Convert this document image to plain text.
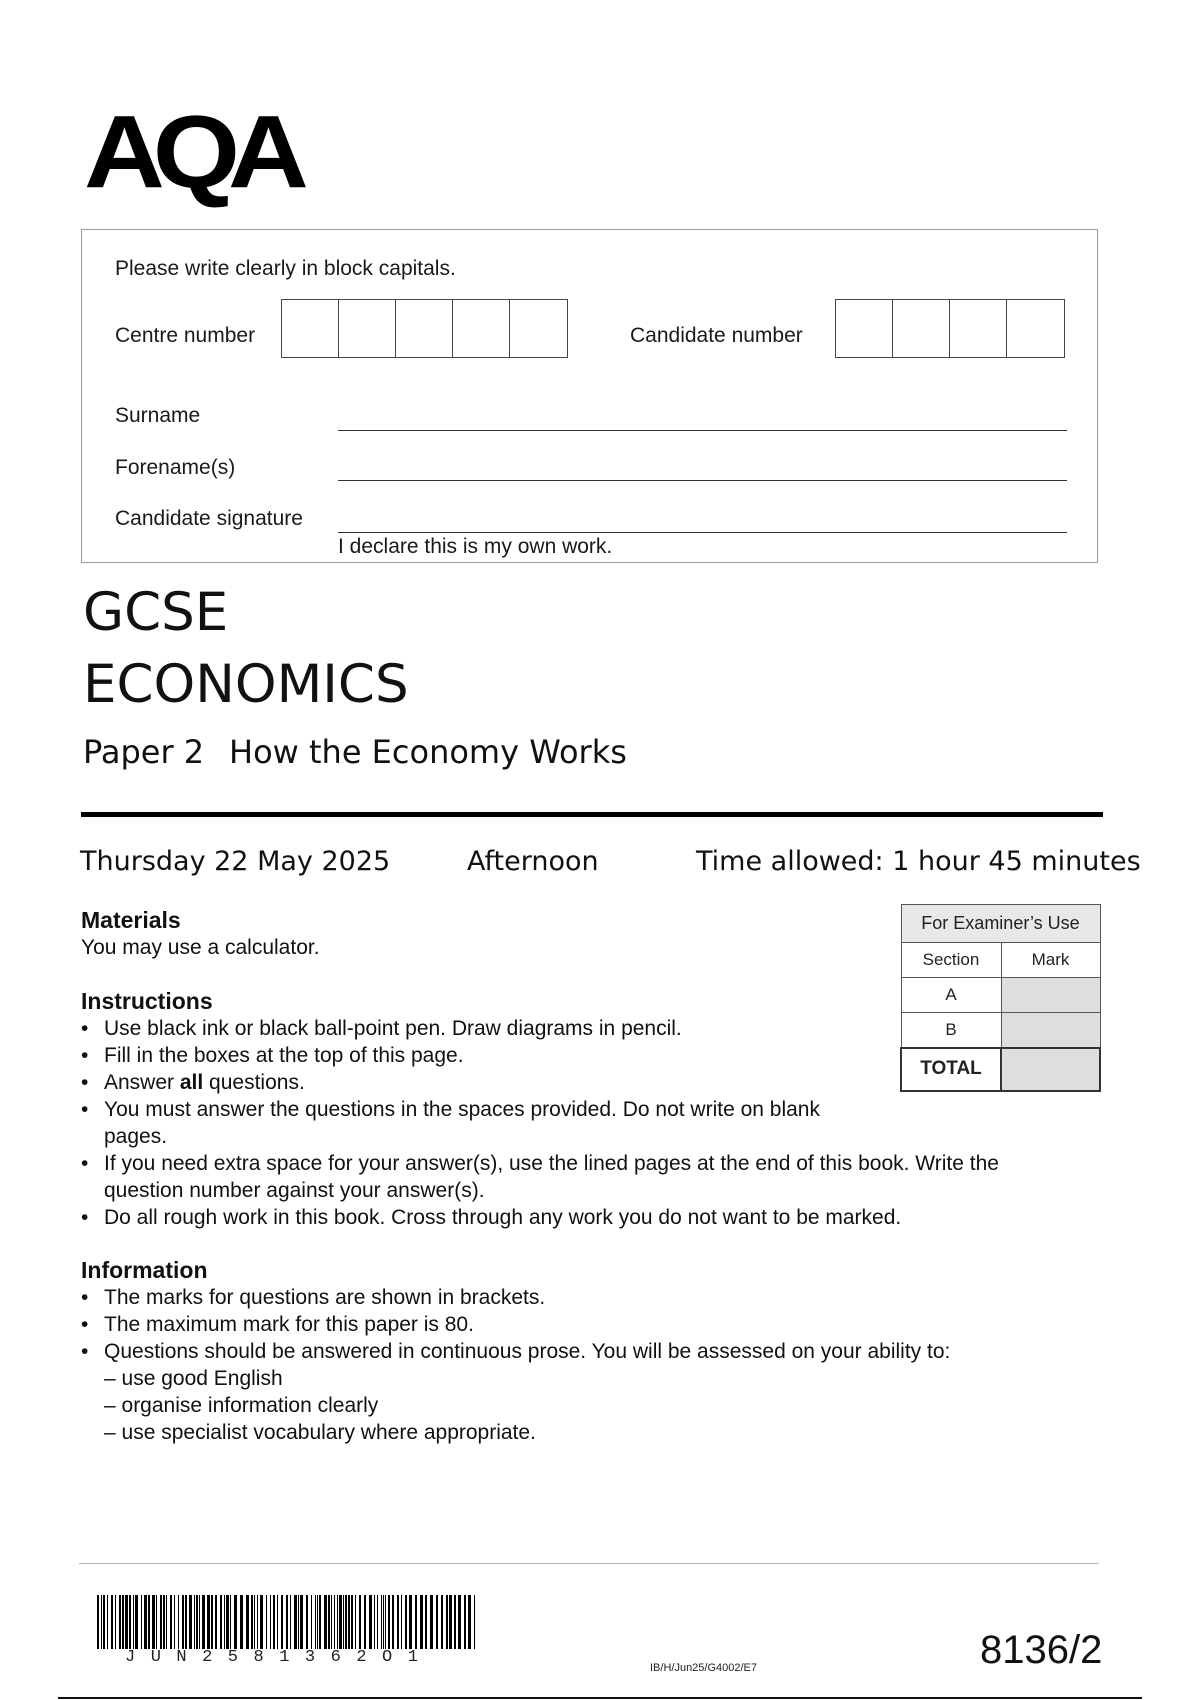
AQA
Please write clearly in block capitals.
Centre number	Candidate number
Surname
Forename(s)
Candidate signature
I declare this is my own work.
GCSE
ECONOMICS
Paper 2 How the Economy Works
Thursday 22 May 2025	Afternoon	Time allowed: 1 hour 45 minutes
Materials

You may use a calculator.

Instructions
• Use black ink or black ball-point pen. Draw diagrams in pencil.
• Fill in the boxes at the top of this page.
• Answer all questions.
• You must answer the questions in the spaces provided. Do not write on blank pages.
• If you need extra space for your answer(s), use the lined pages at the end of this book. Write the question number against your answer(s).
• Do all rough work in this book. Cross through any work you do not want to be marked.
Information
• The marks for questions are shown in brackets.
• The maximum mark for this paper is 80.
• Questions should be answered in continuous prose. You will be assessed on your ability to:
– use good English
– organise information clearly
– use specialist vocabulary where appropriate.
For Examiner’s Use	
Section	Mark
A	
B	
TOTAL	
JUN2581362O1
IB/H/Jun25/G4002/E7	8136/2
